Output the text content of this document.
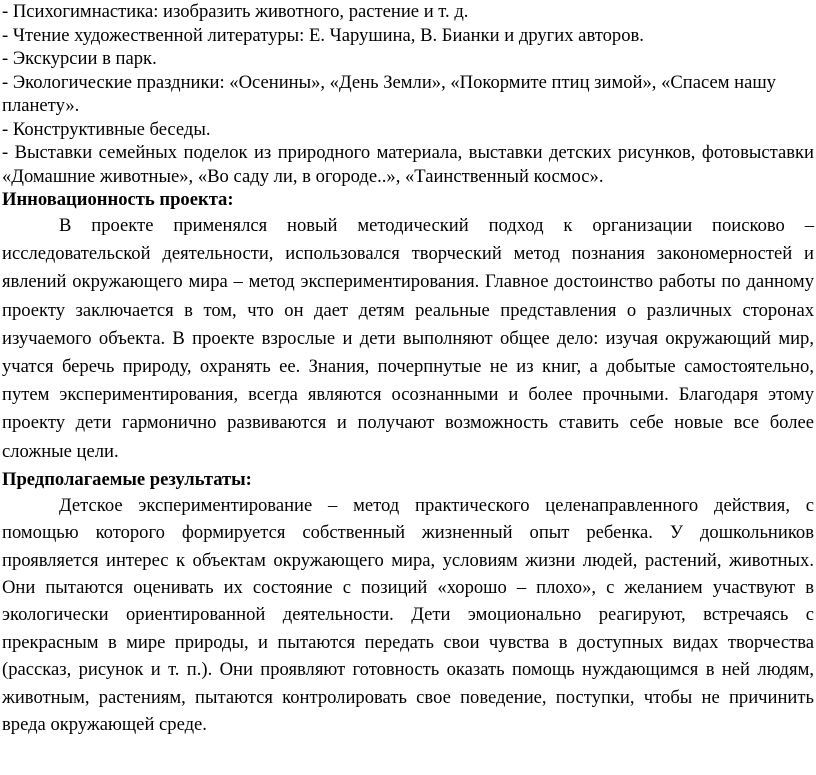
- Психогимнастика: изобразить животного, растение и т. д.
- Чтение художественной литературы: Е. Чарушина, В. Бианки и других авторов.
- Экскурсии в парк.
- Экологические праздники: «Осенины», «День Земли», «Покормите птиц зимой», «Спасем нашу планету».
- Конструктивные беседы.
- Выставки семейных поделок из природного материала, выставки детских рисунков, фотовыставки «Домашние животные», «Во саду ли, в огороде..», «Таинственный космос».
Инновационность проекта:
В проекте применялся новый методический подход к организации поисково – исследовательской деятельности, использовался творческий метод познания закономерностей и явлений окружающего мира – метод экспериментирования. Главное достоинство работы по данному проекту заключается в том, что он дает детям реальные представления о различных сторонах изучаемого объекта. В проекте взрослые и дети выполняют общее дело: изучая окружающий мир, учатся беречь природу, охранять ее. Знания, почерпнутые не из книг, а добытые самостоятельно, путем экспериментирования, всегда являются осознанными и более прочными. Благодаря этому проекту дети гармонично развиваются и получают возможность ставить себе новые все более сложные цели.
Предполагаемые результаты:
Детское экспериментирование – метод практического целенаправленного действия, с помощью которого формируется собственный жизненный опыт ребенка. У дошкольников проявляется интерес к объектам окружающего мира, условиям жизни людей, растений, животных. Они пытаются оценивать их состояние с позиций «хорошо – плохо», с желанием участвуют в экологически ориентированной деятельности. Дети эмоционально реагируют, встречаясь с прекрасным в мире природы, и пытаются передать свои чувства в доступных видах творчества (рассказ, рисунок и т. п.). Они проявляют готовность оказать помощь нуждающимся в ней людям, животным, растениям, пытаются контролировать свое поведение, поступки, чтобы не причинить вреда окружающей среде.
